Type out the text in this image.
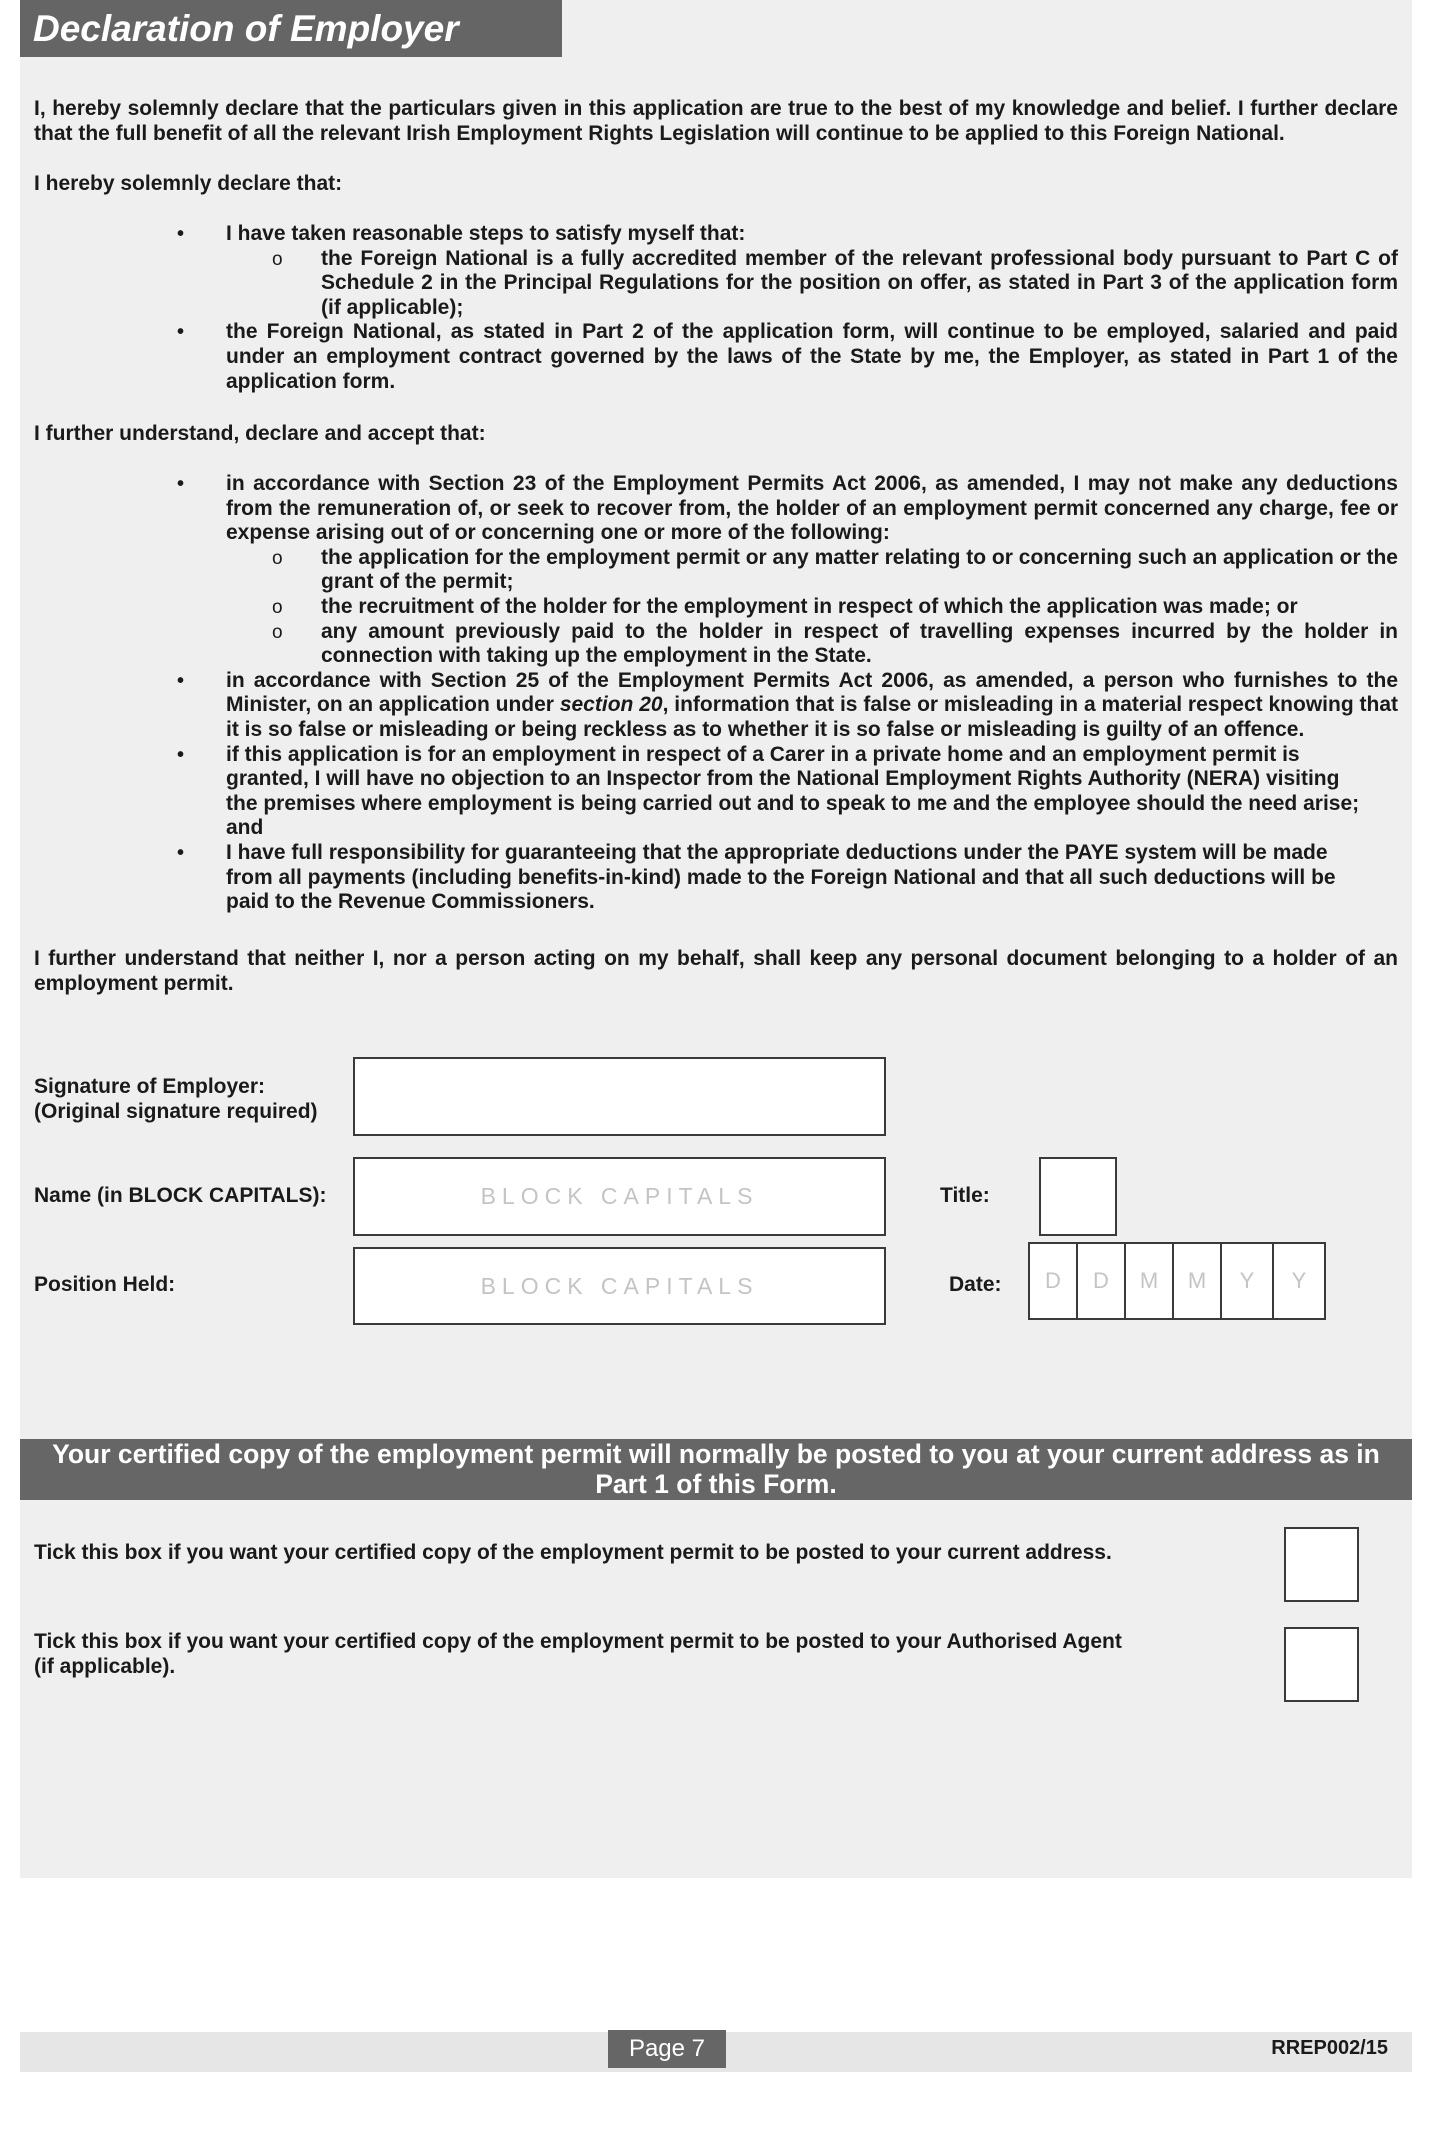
Declaration of Employer
I, hereby solemnly declare that the particulars given in this application are true to the best of my knowledge and belief. I further declare that the full benefit of all the relevant Irish Employment Rights Legislation will continue to be applied to this Foreign National.
I hereby solemnly declare that:
• I have taken reasonable steps to satisfy myself that:
o the Foreign National is a fully accredited member of the relevant professional body pursuant to Part C of Schedule 2 in the Principal Regulations for the position on offer, as stated in Part 3 of the application form (if applicable);
• the Foreign National, as stated in Part 2 of the application form, will continue to be employed, salaried and paid under an employment contract governed by the laws of the State by me, the Employer, as stated in Part 1 of the application form.
I further understand, declare and accept that:
• in accordance with Section 23 of the Employment Permits Act 2006, as amended, I may not make any deductions from the remuneration of, or seek to recover from, the holder of an employment permit concerned any charge, fee or expense arising out of or concerning one or more of the following:
o the application for the employment permit or any matter relating to or concerning such an application or the grant of the permit;
o the recruitment of the holder for the employment in respect of which the application was made; or
o any amount previously paid to the holder in respect of travelling expenses incurred by the holder in connection with taking up the employment in the State.
• in accordance with Section 25 of the Employment Permits Act 2006, as amended, a person who furnishes to the Minister, on an application under section 20, information that is false or misleading in a material respect knowing that it is so false or misleading or being reckless as to whether it is so false or misleading is guilty of an offence.
• if this application is for an employment in respect of a Carer in a private home and an employment permit is
granted, I will have no objection to an Inspector from the National Employment Rights Authority (NERA) visiting
the premises where employment is being carried out and to speak to me and the employee should the need arise;
and
• I have full responsibility for guaranteeing that the appropriate deductions under the PAYE system will be made
from all payments (including benefits-in-kind) made to the Foreign National and that all such deductions will be
paid to the Revenue Commissioners.
I further understand that neither I, nor a person acting on my behalf, shall keep any personal document belonging to a holder of an employment permit.
Signature of Employer:
(Original signature required)
Name (in BLOCK CAPITALS):	BLOCK CAPITALS	Title:
Position Held:	BLOCK CAPITALS	Date:	D	D	M	M	Y	Y
Your certified copy of the employment permit will normally be posted to you at your current address as in
Part 1 of this Form.
Tick this box if you want your certified copy of the employment permit to be posted to your current address.
Tick this box if you want your certified copy of the employment permit to be posted to your Authorised Agent
(if applicable).
Page 7	RREP002/15
